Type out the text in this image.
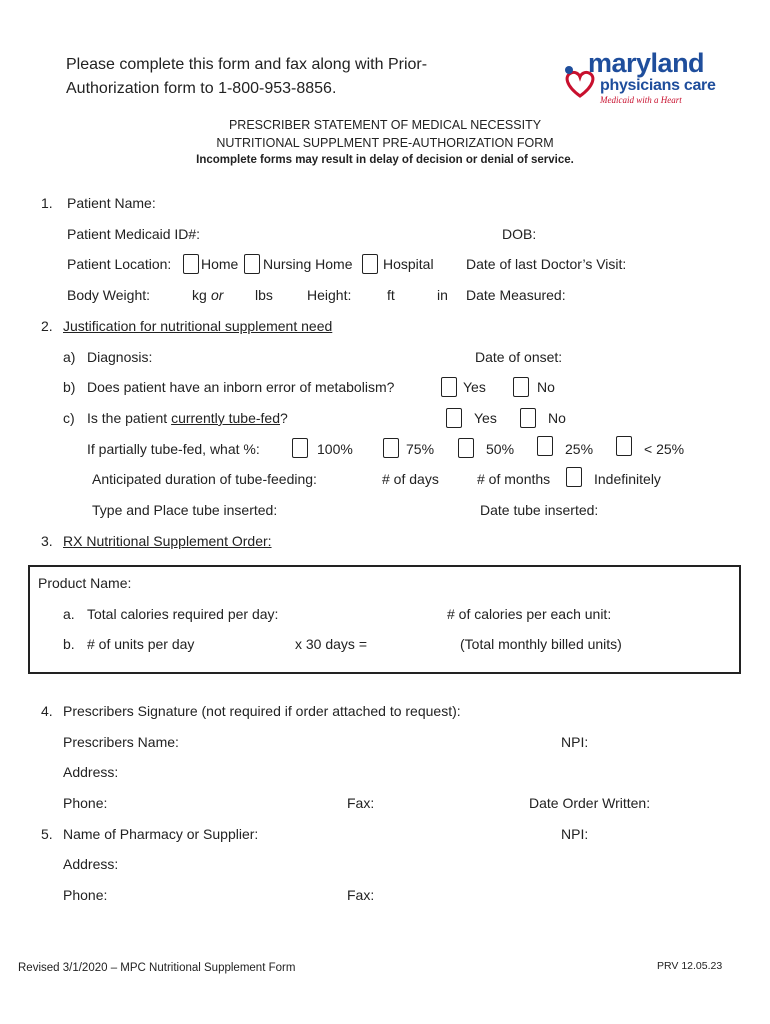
Please complete this form and fax along with Prior-
Authorization form to 1-800-953-8856.
maryland
physicians care
Medicaid with a Heart
PRESCRIBER STATEMENT OF MEDICAL NECESSITY
NUTRITIONAL SUPPLMENT PRE-AUTHORIZATION FORM
Incomplete forms may result in delay of decision or denial of service.
1. Patient Name:
Patient Medicaid ID#:	DOB:
Patient Location: Home Nursing Home Hospital Date of last Doctor’s Visit:
Body Weight:	kg or lbs Height:	ft	in Date Measured:
2. Justification for nutritional supplement need
a) Diagnosis:	Date of onset:
b) Does patient have an inborn error of metabolism?	Yes	No
c) Is the patient currently tube-fed?	Yes	No
If partially tube-fed, what %:	100%	75%	50%	25%	< 25%
Anticipated duration of tube-feeding:	# of days	# of months	Indefinitely
Type and Place tube inserted:	Date tube inserted:
3. RX Nutritional Supplement Order:
Product Name:
a. Total calories required per day:	# of calories per each unit:
b. # of units per day	x 30 days =	(Total monthly billed units)
4. Prescribers Signature (not required if order attached to request):
Prescribers Name:	NPI:
Address:
Phone:	Fax:	Date Order Written:
5. Name of Pharmacy or Supplier:	NPI:
Address:
Phone:	Fax:
Revised 3/1/2020 – MPC Nutritional Supplement Form	PRV 12.05.23
